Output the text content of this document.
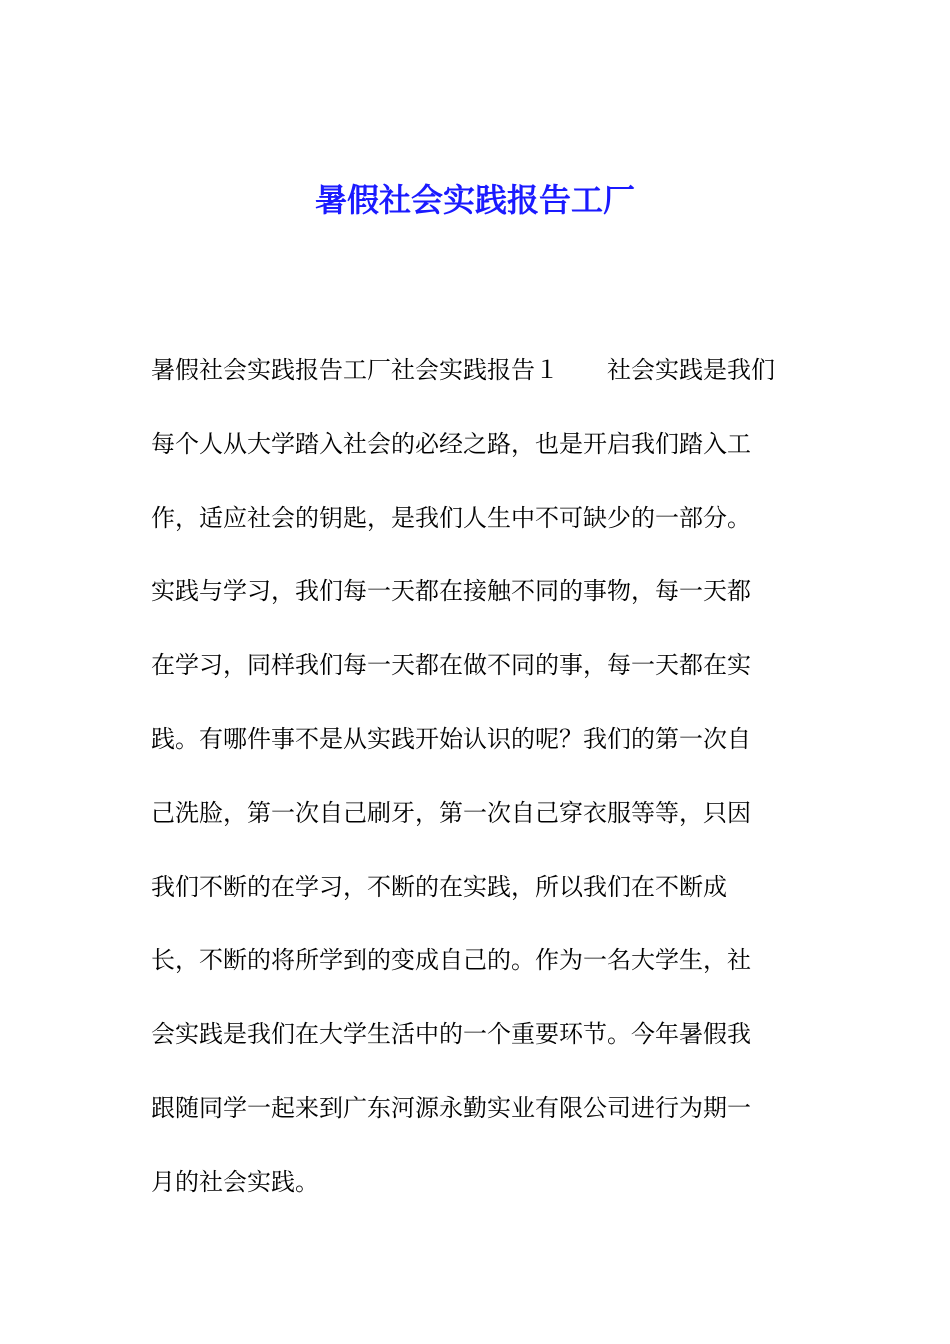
暑假社会实践报告工厂
暑假社会实践报告工厂社会实践报告１　　社会实践是我们
每个人从大学踏入社会的必经之路，也是开启我们踏入工
作，适应社会的钥匙，是我们人生中不可缺少的一部分。
实践与学习，我们每一天都在接触不同的事物，每一天都
在学习，同样我们每一天都在做不同的事，每一天都在实
践。有哪件事不是从实践开始认识的呢？我们的第一次自
己洗脸，第一次自己刷牙，第一次自己穿衣服等等，只因
我们不断的在学习，不断的在实践，所以我们在不断成
长，不断的将所学到的变成自己的。作为一名大学生，社
会实践是我们在大学生活中的一个重要环节。今年暑假我
跟随同学一起来到广东河源永勤实业有限公司进行为期一
月的社会实践。
